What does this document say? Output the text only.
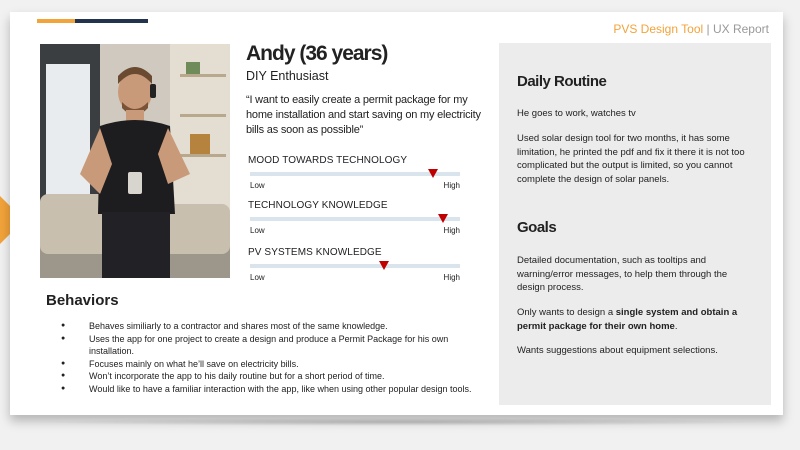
PVS Design Tool | UX Report
Andy (36 years)
DIY Enthusiast
“I want to easily create a permit package for my home installation and start saving on my electricity bills as soon as possible”
MOOD TOWARDS TECHNOLOGY
Low	High
TECHNOLOGY KNOWLEDGE
Low	High
PV SYSTEMS KNOWLEDGE
Low	High
Behaviors
● Behaves similiarly to a contractor and shares most of the same knowledge.
● Uses the app for one project to create a design and produce a Permit Package for his own installation.
● Focuses mainly on what he’ll save on electricity bills.
● Won’t incorporate the app to his daily routine but for a short period of time.
● Would like to have a familiar interaction with the app, like when using other popular design tools.
Daily Routine

He goes to work, watches tv

Used solar design tool for two months, it has some limitation, he printed the pdf and fix it there it is not too complicated but the output is limited, so you cannot complete the design of solar panels.

Goals

Detailed documentation, such as tooltips and warning/error messages, to help them through the design process.

Only wants to design a single system and obtain a permit package for their own home.

Wants suggestions about equipment selections.
